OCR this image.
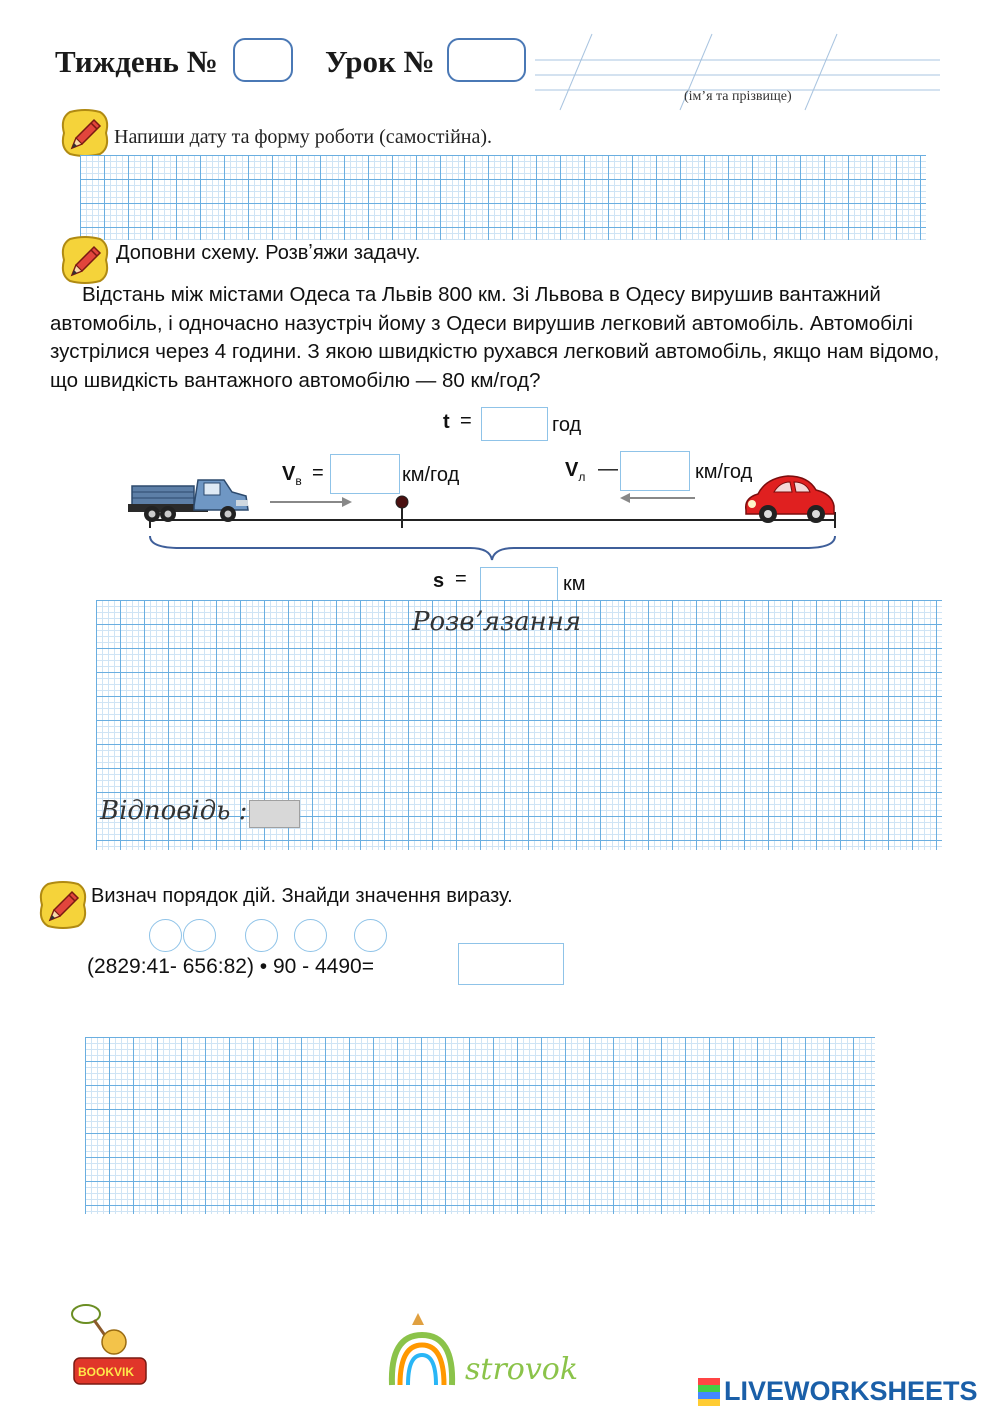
Тиждень №	Урок №
(імʼя та прізвище)
Напиши дату та форму роботи (самостійна).
Доповни схему. Розвʼяжи задачу.

Відстань між містами Одеса та Львів 800 км. Зі Львова в Одесу вирушив вантажний автомобіль, і одночасно назустріч йому з Одеси вирушив легковий автомобіль. Автомобілі зустрілися через 4 години. З якою швидкістю рухався легковий автомобіль, якщо нам відомо, що швидкість вантажного автомобілю — 80 км/год?

t =	год
$V_в$ =	км/год	$V_л$ —	км/год
s =	км
Розвʼязання
Відповідь :
Визнач порядок дій. Знайди значення виразу.
(2829:41- 656:82) • 90 - 4490=
BOOKVIK	strovok
LIVEWORKSHEETS
